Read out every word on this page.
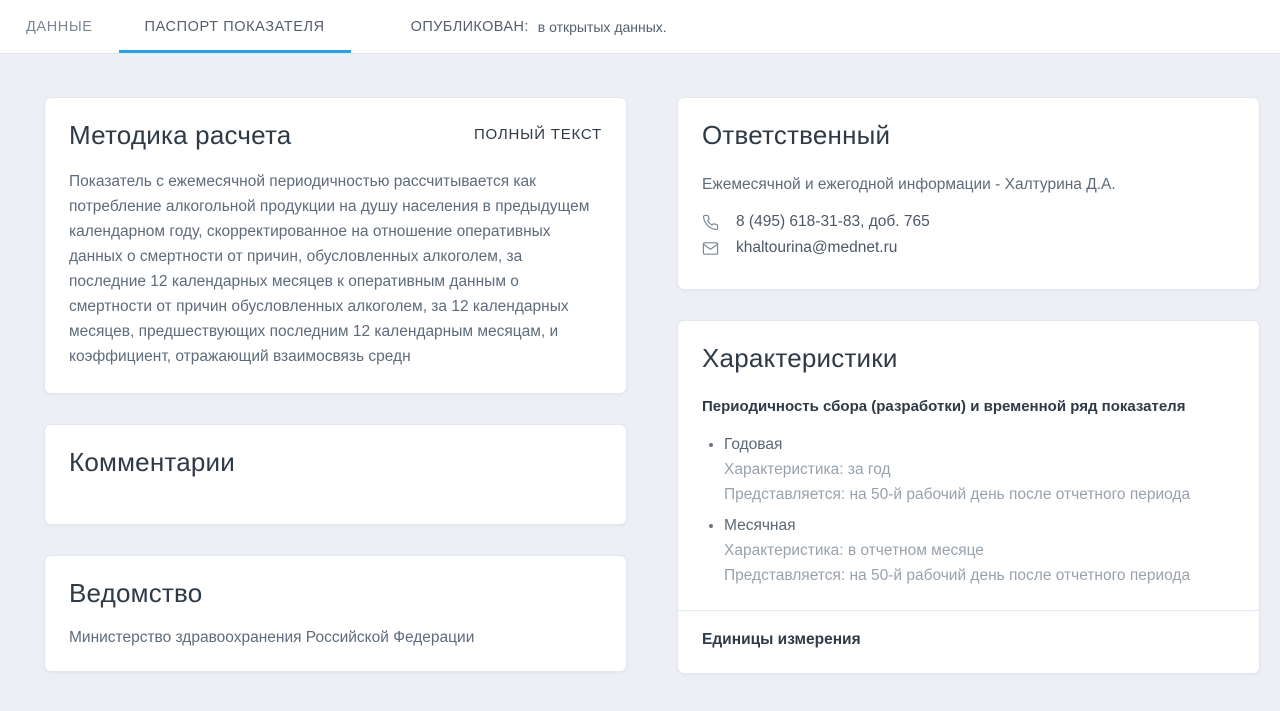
ДАННЫЕ	ПАСПОРТ ПОКАЗАТЕЛЯ	ОПУБЛИКОВАН: в открытых данных.
Методика расчета	ПОЛНЫЙ ТЕКСТ
Показатель с ежемесячной периодичностью рассчитывается как потребление алкогольной продукции на душу населения в предыдущем календарном году, скорректированное на отношение оперативных данных о смертности от причин, обусловленных алкоголем, за последние 12 календарных месяцев к оперативным данным о смертности от причин обусловленных алкоголем, за 12 календарных месяцев, предшествующих последним 12 календарным месяцам, и коэффициент, отражающий взаимосвязь средн
Комментарии
Ведомство
Министерство здравоохранения Российской Федерации
Ответственный
Ежемесячной и ежегодной информации - Халтурина Д.А.
8 (495) 618-31-83, доб. 765
khaltourina@mednet.ru
Характеристики
Периодичность сбора (разработки) и временной ряд показателя
• Годовая
Характеристика: за год
Представляется: на 50-й рабочий день после отчетного периода
• Месячная
Характеристика: в отчетном месяце
Представляется: на 50-й рабочий день после отчетного периода
Единицы измерения
